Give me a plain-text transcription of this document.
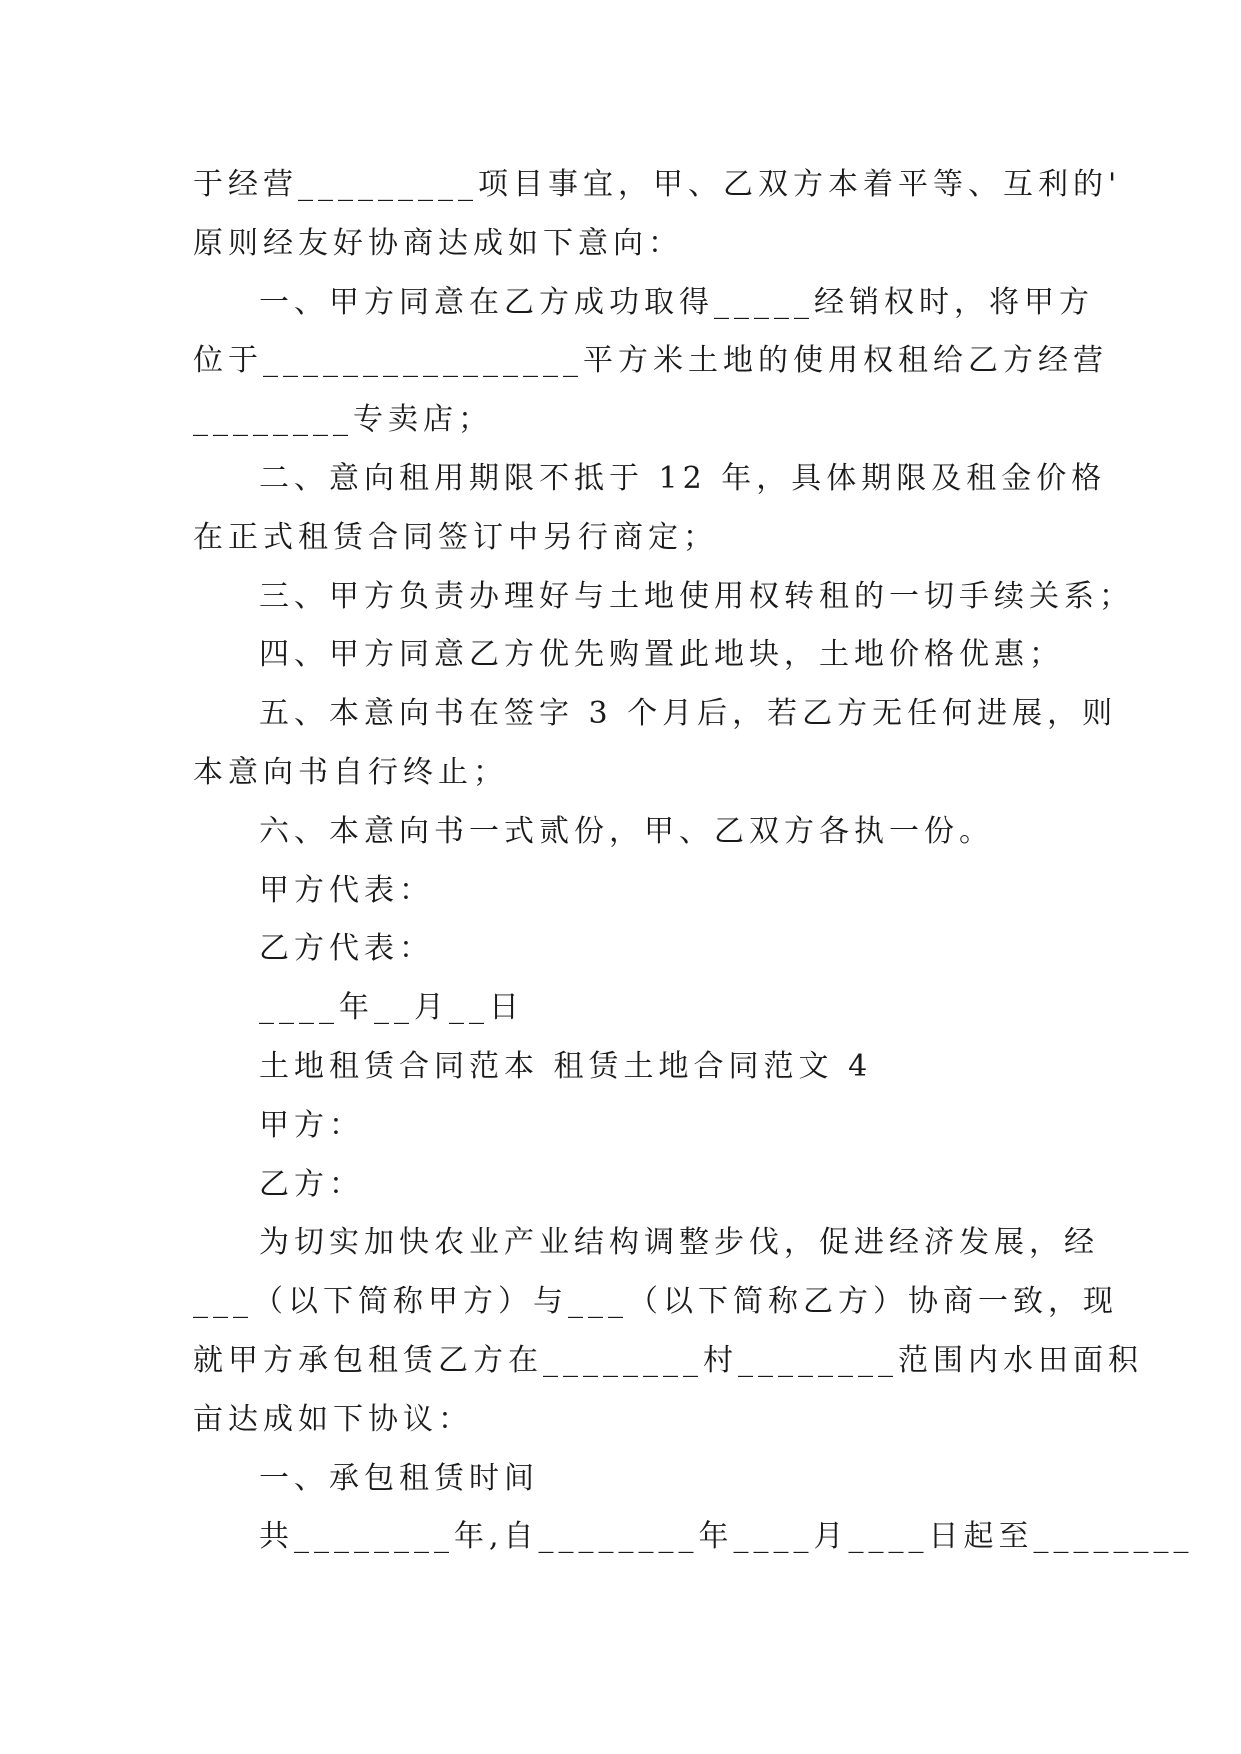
于经营_________项目事宜，甲、乙双方本着平等、互利的'
原则经友好协商达成如下意向：
一、甲方同意在乙方成功取得_____经销权时，将甲方
位于________________平方米土地的使用权租给乙方经营
________专卖店；
二、意向租用期限不抵于 12 年，具体期限及租金价格
在正式租赁合同签订中另行商定；
三、甲方负责办理好与土地使用权转租的一切手续关系；
四、甲方同意乙方优先购置此地块，土地价格优惠；
五、本意向书在签字 3 个月后，若乙方无任何进展，则
本意向书自行终止；
六、本意向书一式贰份，甲、乙双方各执一份。
甲方代表：
乙方代表：
____年__月__日
土地租赁合同范本 租赁土地合同范文 4
甲方：
乙方：
为切实加快农业产业结构调整步伐，促进经济发展，经
___（以下简称甲方）与___（以下简称乙方）协商一致，现
就甲方承包租赁乙方在________村________范围内水田面积
亩达成如下协议：
一、承包租赁时间
共________年,自________年____月____日起至________
